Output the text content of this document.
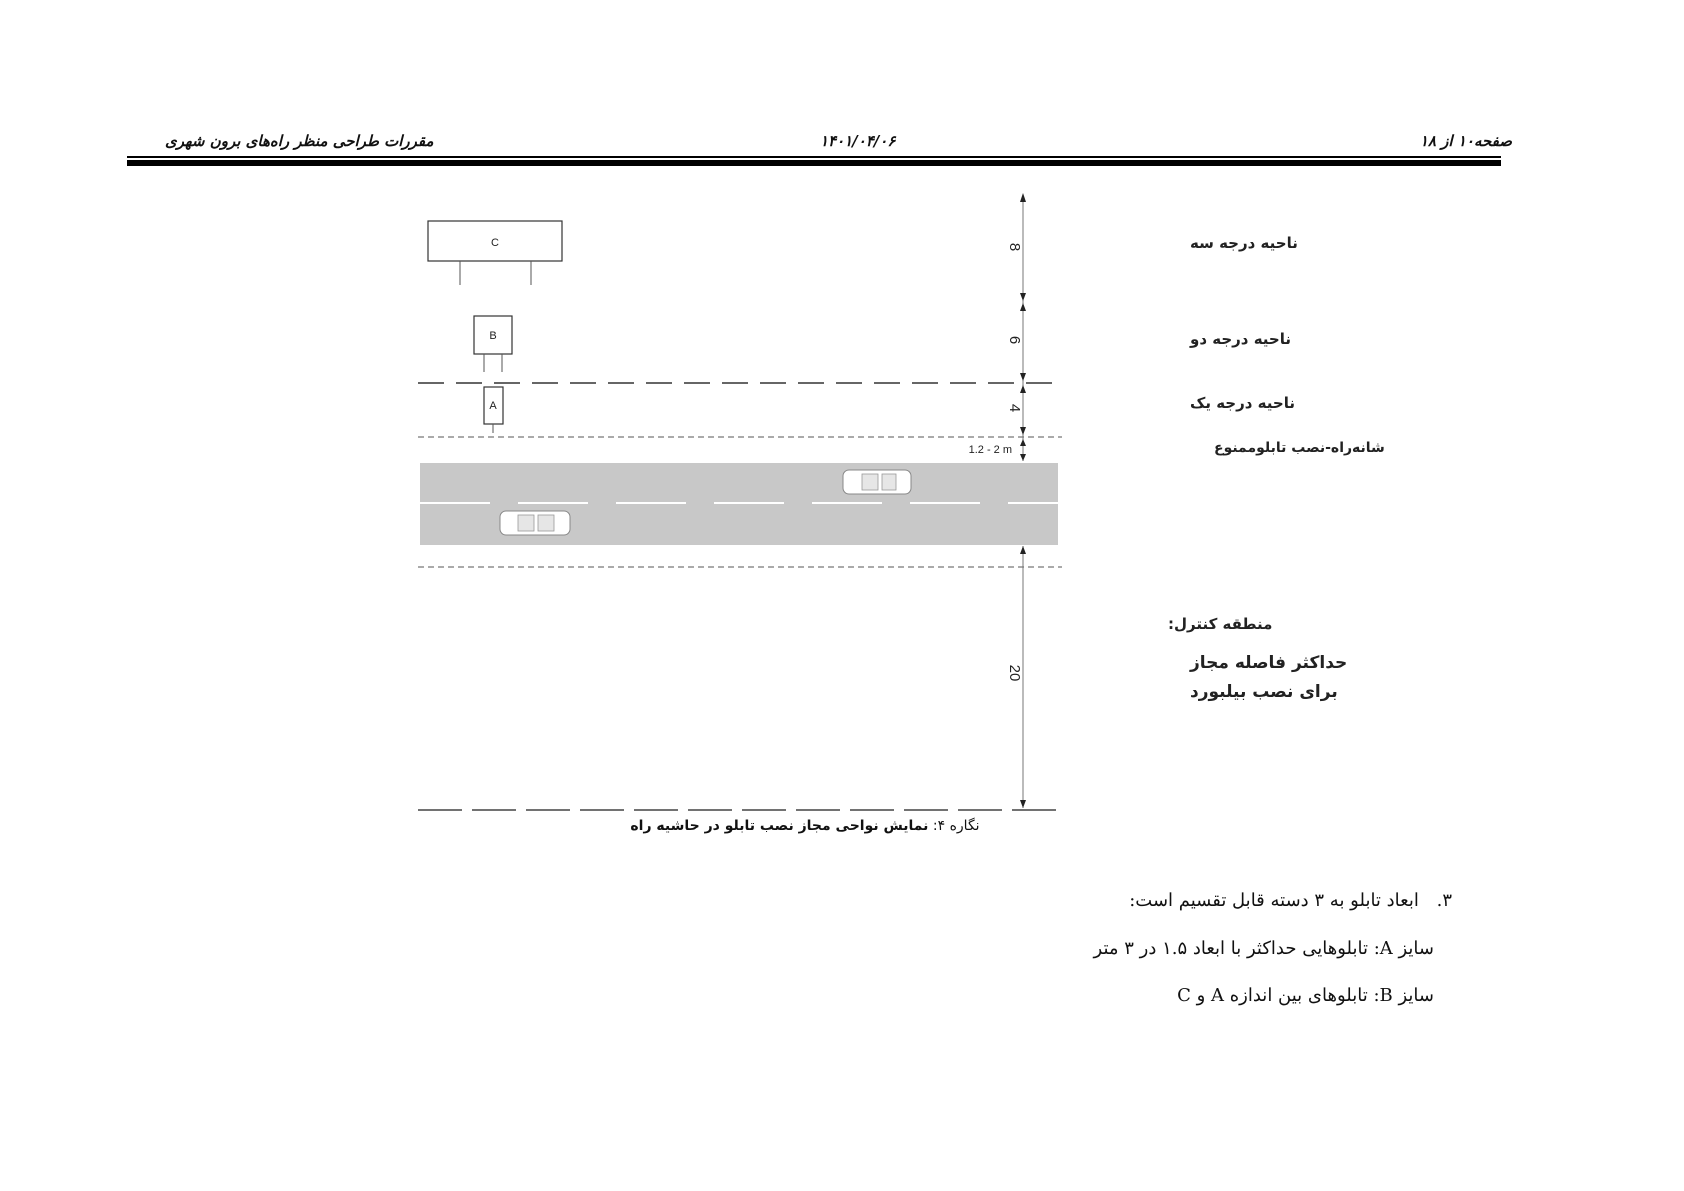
صفحه۱۰ از ۱۸
۱۴۰۱/۰۴/۰۶
مقررات طراحی منظر راه‌های برون شهری
C
B
A
8
6
4
20
1.2 - 2 m
ناحیه درجه سه
ناحیه درجه دو
ناحیه درجه یک
شانه‌راه-نصب تابلوممنوع
منطقه کنترل:
حداکثر فاصله مجاز
برای نصب بیلبورد
نگاره ۴: نمایش نواحی مجاز نصب تابلو در حاشیه راه
۳. ابعاد تابلو به ۳ دسته قابل تقسیم است:
سایز A: تابلوهایی حداکثر با ابعاد ۱.۵ در ۳ متر
سایز B: تابلوهای بین اندازه A و C
